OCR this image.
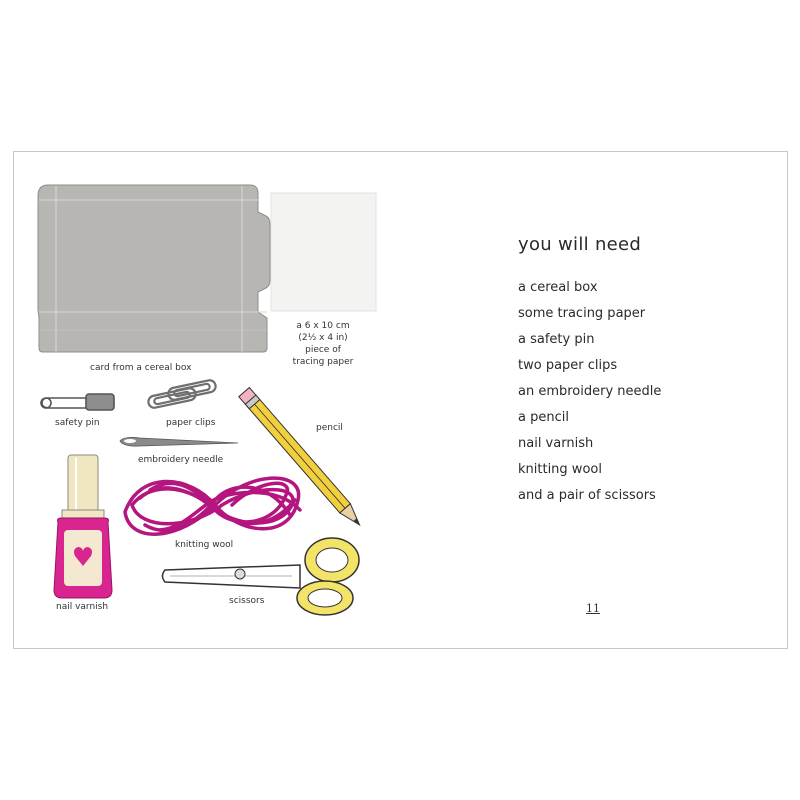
card from a cereal box
a 6 x 10 cm
(2½ x 4 in)
piece of
tracing paper
safety pin	paper clips	pencil
embroidery needle
knitting wool
nail varnish
scissors
you will need
a cereal box
some tracing paper
a safety pin
two paper clips
an embroidery needle
a pencil
nail varnish
knitting wool
and a pair of scissors
11
